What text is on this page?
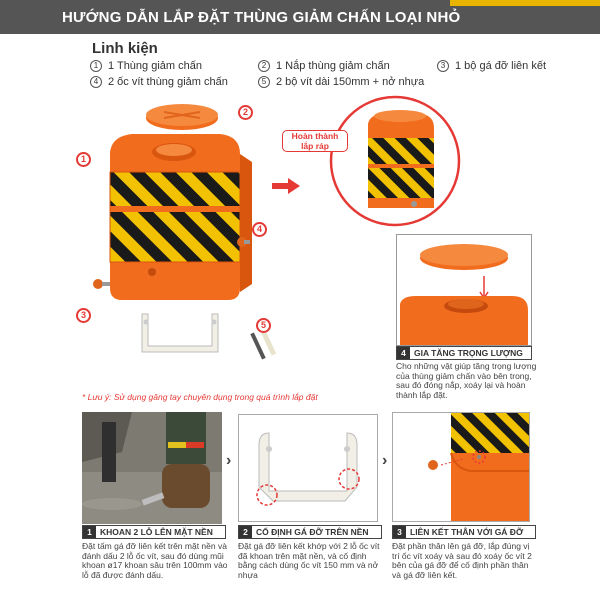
HƯỚNG DẪN LẮP ĐẶT THÙNG GIẢM CHẤN LOẠI NHỎ
Linh kiện
1 1 Thùng giảm chấn	2 1 Nắp thùng giảm chấn	3 1 bộ gá đỡ liên kết
4 2 ốc vít thùng giảm chấn	5 2 bộ vít dài 150mm + nở nhựa
1
2
3
4
5
Hoàn thành
lắp ráp
4 GIA TĂNG TRỌNG LƯỢNG
Cho những vật giúp tăng trọng lượng của thùng giảm chấn vào bên trong, sau đó đóng nắp, xoáy lại và hoàn thành lắp đặt.
* Lưu ý: Sử dụng găng tay chuyên dụng trong quá trình lắp đặt
›	›
1 KHOAN 2 LỖ LÊN MẶT NỀN	2 CỐ ĐỊNH GÁ ĐỠ TRÊN NỀN	3 LIÊN KẾT THÂN VỚI GÁ ĐỠ
Đặt tấm gá đỡ liên kết trên mặt nền và đánh dấu 2 lỗ ốc vít, sau đó dùng mũi khoan ø17 khoan sâu trên 100mm vào lỗ đã được đánh dấu.
Đặt gá đỡ liên kết khớp với 2 lỗ ốc vít đã khoan trên mặt nền, và cố định bằng cách dùng ốc vít 150 mm và nở nhựa
Đặt phần thân lên gá đỡ, lắp đúng vị trí ốc vít xoáy và sau đó xoáy ốc vít 2 bên của gá đỡ để cố định phần thân và gá đỡ liên kết.
